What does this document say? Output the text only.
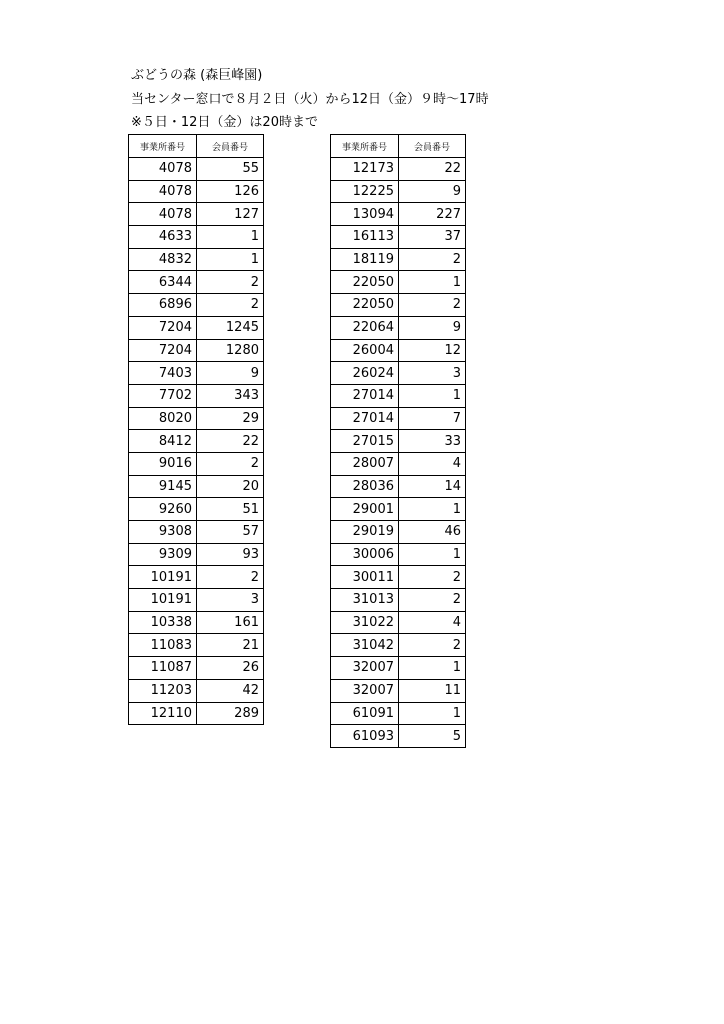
ぶどうの森 (森巨峰園)
当センター窓口で８月２日（火）から12日（金）９時～17時
※５日・12日（金）は20時まで
事業所番号	会員番号
4078	55
4078	126
4078	127
4633	1
4832	1
6344	2
6896	2
7204	1245
7204	1280
7403	9
7702	343
8020	29
8412	22
9016	2
9145	20
9260	51
9308	57
9309	93
10191	2
10191	3
10338	161
11083	21
11087	26
11203	42
12110	289
事業所番号	会員番号
12173	22
12225	9
13094	227
16113	37
18119	2
22050	1
22050	2
22064	9
26004	12
26024	3
27014	1
27014	7
27015	33
28007	4
28036	14
29001	1
29019	46
30006	1
30011	2
31013	2
31022	4
31042	2
32007	1
32007	11
61091	1
61093	5
